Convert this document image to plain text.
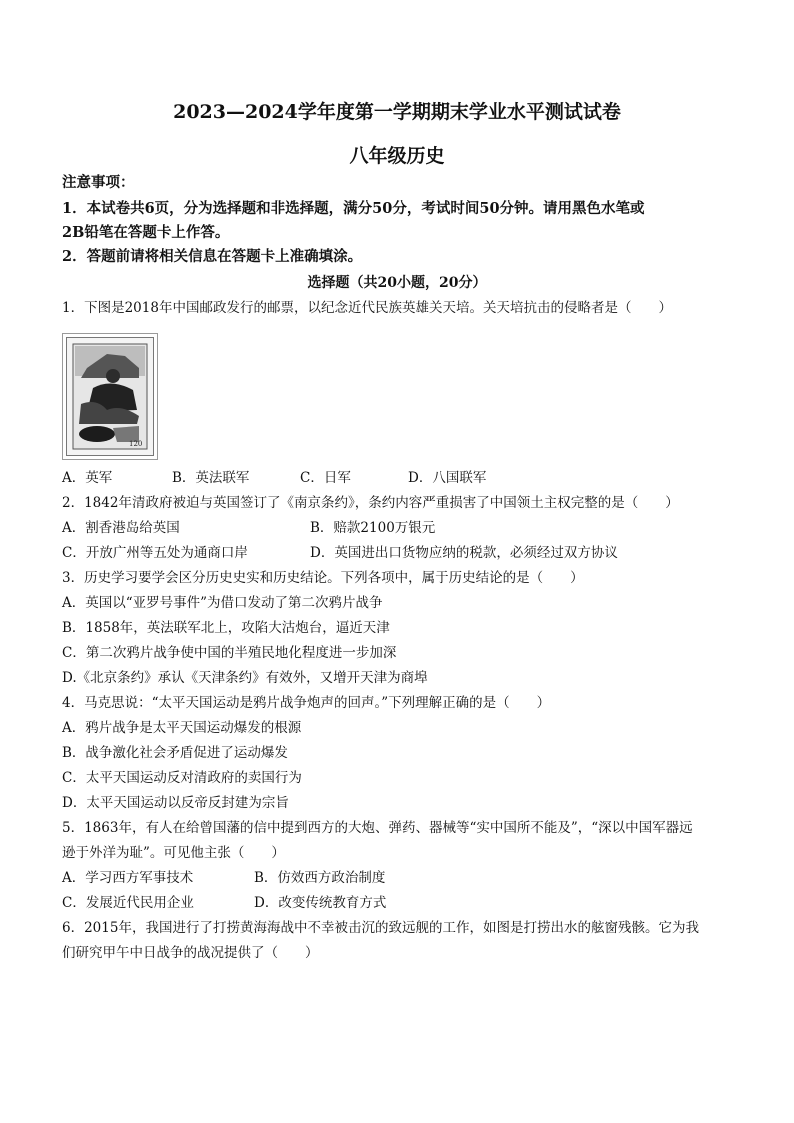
2023—2024学年度第一学期期末学业水平测试试卷
八年级历史
注意事项：
1．本试卷共6页，分为选择题和非选择题，满分50分，考试时间50分钟。请用黑色水笔或
2B铅笔在答题卡上作答。
2．答题前请将相关信息在答题卡上准确填涂。
选择题（共20小题，20分）
1．下图是2018年中国邮政发行的邮票，以纪念近代民族英雄关天培。关天培抗击的侵略者是（　　）
120
A．英军	B．英法联军	C．日军	D．八国联军
2．1842年清政府被迫与英国签订了《南京条约》，条约内容严重损害了中国领土主权完整的是（　　）
A．割香港岛给英国	B．赔款2100万银元
C．开放广州等五处为通商口岸	D．英国进出口货物应纳的税款，必须经过双方协议
3．历史学习要学会区分历史史实和历史结论。下列各项中，属于历史结论的是（　　）
A．英国以“亚罗号事件”为借口发动了第二次鸦片战争
B．1858年，英法联军北上，攻陷大沽炮台，逼近天津
C．第二次鸦片战争使中国的半殖民地化程度进一步加深
D.《北京条约》承认《天津条约》有效外，又增开天津为商埠
4．马克思说：“太平天国运动是鸦片战争炮声的回声。”下列理解正确的是（　　）
A．鸦片战争是太平天国运动爆发的根源
B．战争激化社会矛盾促进了运动爆发
C．太平天国运动反对清政府的卖国行为
D．太平天国运动以反帝反封建为宗旨
5．1863年，有人在给曾国藩的信中提到西方的大炮、弹药、器械等“实中国所不能及”，“深以中国军器远
逊于外洋为耻”。可见他主张（　　）
A．学习西方军事技术	B．仿效西方政治制度
C．发展近代民用企业	D．改变传统教育方式
6．2015年，我国进行了打捞黄海海战中不幸被击沉的致远舰的工作，如图是打捞出水的舷窗残骸。它为我
们研究甲午中日战争的战况提供了（　　）
